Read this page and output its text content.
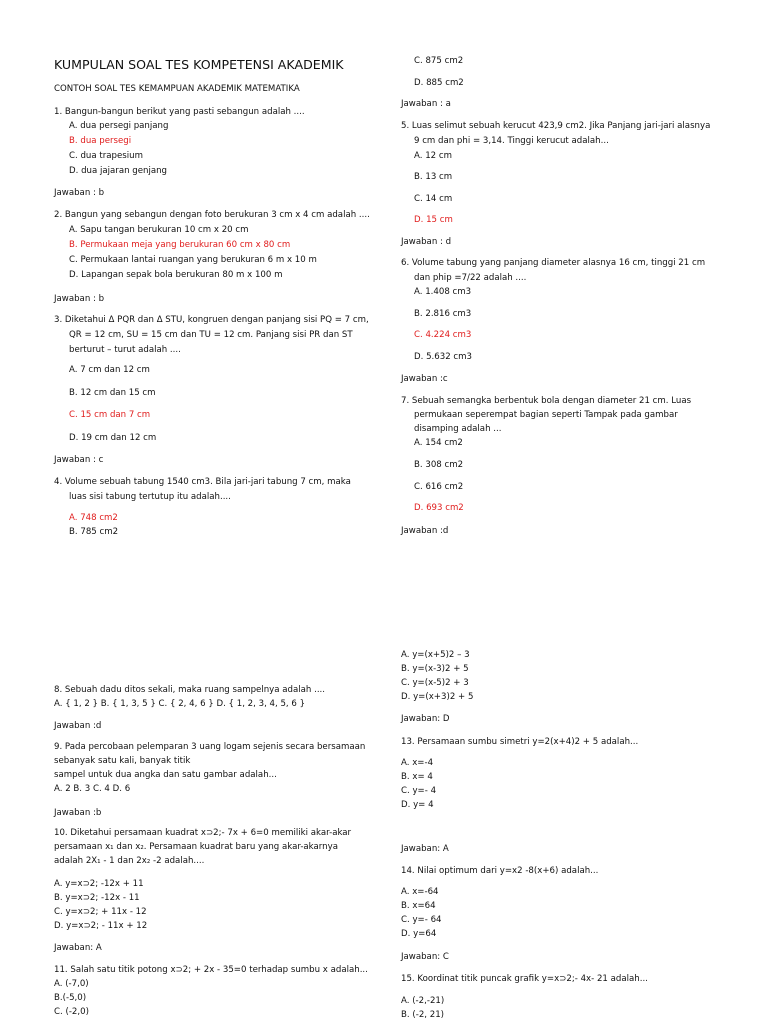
KUMPULAN SOAL TES KOMPETENSI AKADEMIK
CONTOH SOAL TES KEMAMPUAN AKADEMIK MATEMATIKA
1. Bangun-bangun berikut yang pasti sebangun adalah ....
A. dua persegi panjang
B. dua persegi
C. dua trapesium
D. dua jajaran genjang
Jawaban : b
2. Bangun yang sebangun dengan foto berukuran 3 cm x 4 cm adalah ....
A. Sapu tangan berukuran 10 cm x 20 cm
B. Permukaan meja yang berukuran 60 cm x 80 cm
C. Permukaan lantai ruangan yang berukuran 6 m x 10 m
D. Lapangan sepak bola berukuran 80 m x 100 m
Jawaban : b
3. Diketahui Δ PQR dan Δ STU, kongruen dengan panjang sisi PQ = 7 cm,
QR = 12 cm, SU = 15 cm dan TU = 12 cm. Panjang sisi PR dan ST
berturut – turut adalah ....
A. 7 cm dan 12 cm
B. 12 cm dan 15 cm
C. 15 cm dan 7 cm
D. 19 cm dan 12 cm
Jawaban : c
4. Volume sebuah tabung 1540 cm3. Bila jari-jari tabung 7 cm, maka
luas sisi tabung tertutup itu adalah....
A. 748 cm2
B. 785 cm2
C. 875 cm2
D. 885 cm2
Jawaban : a
5. Luas selimut sebuah kerucut 423,9 cm2. Jika Panjang jari-jari alasnya
9 cm dan phi = 3,14. Tinggi kerucut adalah...
A. 12 cm
B. 13 cm
C. 14 cm
D. 15 cm
Jawaban : d
6. Volume tabung yang panjang diameter alasnya 16 cm, tinggi 21 cm
dan phip =7/22 adalah ....
A. 1.408 cm3
B. 2.816 cm3
C. 4.224 cm3
D. 5.632 cm3
Jawaban :c
7. Sebuah semangka berbentuk bola dengan diameter 21 cm. Luas
permukaan seperempat bagian seperti Tampak pada gambar
disamping adalah ...
A. 154 cm2
B. 308 cm2
C. 616 cm2
D. 693 cm2
Jawaban :d
8. Sebuah dadu ditos sekali, maka ruang sampelnya adalah ....
A. { 1, 2 } B. { 1, 3, 5 } C. { 2, 4, 6 } D. { 1, 2, 3, 4, 5, 6 }
Jawaban :d
9. Pada percobaan pelemparan 3 uang logam sejenis secara bersamaan
sebanyak satu kali, banyak titik
sampel untuk dua angka dan satu gambar adalah...
A. 2 B. 3 C. 4 D. 6
Jawaban :b
10. Diketahui persamaan kuadrat x⊃2;- 7x + 6=0 memiliki akar-akar
persamaan x₁ dan x₂. Persamaan kuadrat baru yang akar-akarnya
adalah 2X₁ - 1 dan 2x₂ -2 adalah....
A. y=x⊃2; -12x + 11
B. y=x⊃2; -12x - 11
C. y=x⊃2; + 11x - 12
D. y=x⊃2; - 11x + 12
Jawaban: A
11. Salah satu titik potong x⊃2; + 2x - 35=0 terhadap sumbu x adalah...
A. (-7,0)
B.(-5,0)
C. (-2,0)
A. y=(x+5)2 – 3
B. y=(x-3)2 + 5
C. y=(x-5)2 + 3
D. y=(x+3)2 + 5
Jawaban: D
13. Persamaan sumbu simetri y=2(x+4)2 + 5 adalah...
A. x=-4
B. x= 4
C. y=- 4
D. y= 4
Jawaban: A
14. Nilai optimum dari y=x2 -8(x+6) adalah...
A. x=-64
B. x=64
C. y=- 64
D. y=64
Jawaban: C
15. Koordinat titik puncak grafik y=x⊃2;- 4x- 21 adalah...
A. (-2,-21)
B. (-2, 21)
